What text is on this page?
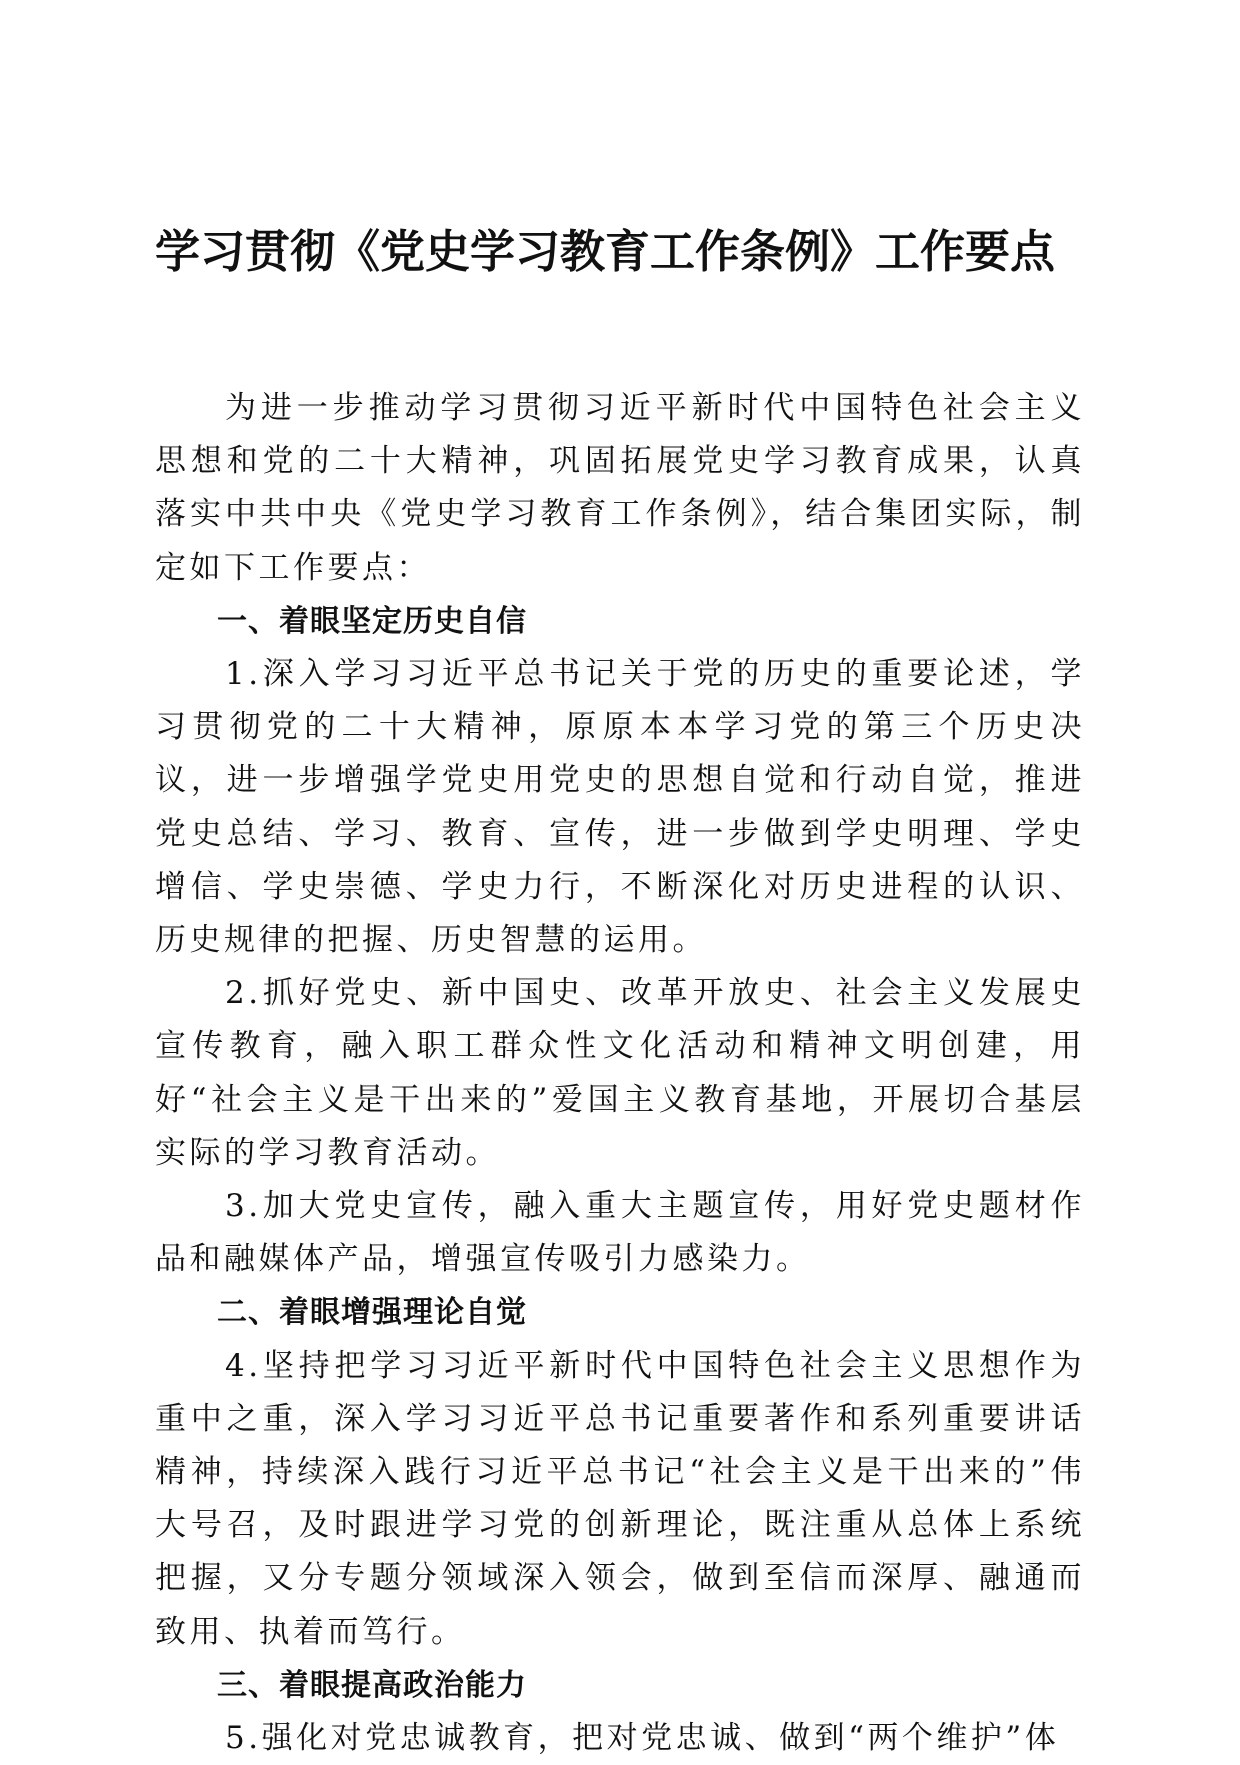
学习贯彻《党史学习教育工作条例》工作要点

为进一步推动学习贯彻习近平新时代中国特色社会主义思想和党的二十大精神，巩固拓展党史学习教育成果，认真落实中共中央《党史学习教育工作条例》，结合集团实际，制定如下工作要点：

一、着眼坚定历史自信

1.深入学习习近平总书记关于党的历史的重要论述，学习贯彻党的二十大精神，原原本本学习党的第三个历史决议，进一步增强学党史用党史的思想自觉和行动自觉，推进党史总结、学习、教育、宣传，进一步做到学史明理、学史增信、学史崇德、学史力行，不断深化对历史进程的认识、历史规律的把握、历史智慧的运用。

2.抓好党史、新中国史、改革开放史、社会主义发展史宣传教育，融入职工群众性文化活动和精神文明创建，用好“社会主义是干出来的”爱国主义教育基地，开展切合基层实际的学习教育活动。

3.加大党史宣传，融入重大主题宣传，用好党史题材作品和融媒体产品，增强宣传吸引力感染力。

二、着眼增强理论自觉

4.坚持把学习习近平新时代中国特色社会主义思想作为重中之重，深入学习习近平总书记重要著作和系列重要讲话精神，持续深入践行习近平总书记“社会主义是干出来的”伟大号召，及时跟进学习党的创新理论，既注重从总体上系统把握，又分专题分领域深入领会，做到至信而深厚、融通而致用、执着而笃行。

三、着眼提高政治能力

5.强化对党忠诚教育，把对党忠诚、做到“两个维护”体
